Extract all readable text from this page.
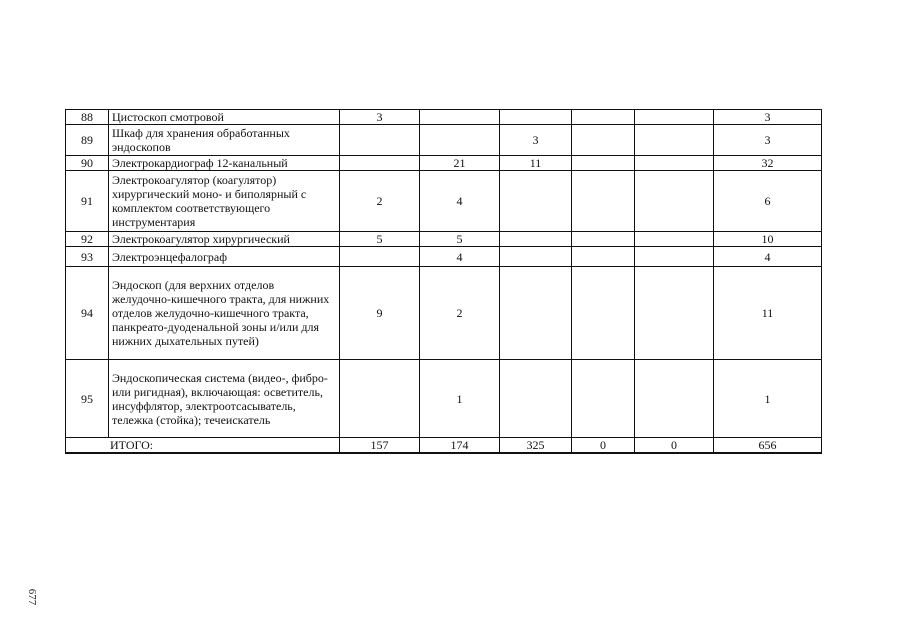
88	Цистоскоп смотровой	3					3
89	Шкаф для хранения обработанных эндоскопов			3			3
90	Электрокардиограф 12-канальный		21	11			32
91	Электрокоагулятор (коагулятор) хирургический моно- и биполярный с комплектом соответствующего инструментария	2	4				6
92	Электрокоагулятор хирургический	5	5				10
93	Электроэнцефалограф		4				4
94	Эндоскоп (для верхних отделов желудочно-кишечного тракта, для нижних отделов желудочно-кишечного тракта, панкреато-дуоденальной зоны и/или для нижних дыхательных путей)	9	2				11
95	Эндоскопическая система (видео-, фибро- или ригидная), включающая: осветитель, инсуффлятор, электроотсасыватель, тележка (стойка); течеискатель		1				1
ИТОГО:		157	174	325	0	0	656
677
